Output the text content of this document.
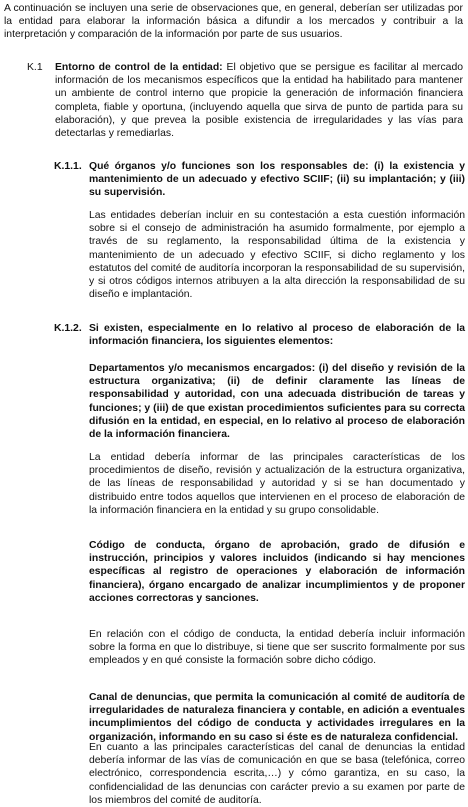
A continuación se incluyen una serie de observaciones que, en general, deberían ser utilizadas por la entidad para elaborar la información básica a difundir a los mercados y contribuir a la interpretación y comparación de la información por parte de sus usuarios.

K.1 Entorno de control de la entidad: El objetivo que se persigue es facilitar al mercado información de los mecanismos específicos que la entidad ha habilitado para mantener un ambiente de control interno que propicie la generación de información financiera completa, fiable y oportuna, (incluyendo aquella que sirva de punto de partida para su elaboración), y que prevea la posible existencia de irregularidades y las vías para detectarlas y remediarlas.

K.1.1. Qué órganos y/o funciones son los responsables de: (i) la existencia y mantenimiento de un adecuado y efectivo SCIIF; (ii) su implantación; y (iii) su supervisión.

Las entidades deberían incluir en su contestación a esta cuestión información sobre si el consejo de administración ha asumido formalmente, por ejemplo a través de su reglamento, la responsabilidad última de la existencia y mantenimiento de un adecuado y efectivo SCIIF, si dicho reglamento y los estatutos del comité de auditoría incorporan la responsabilidad de su supervisión, y si otros códigos internos atribuyen a la alta dirección la responsabilidad de su diseño e implantación.

K.1.2. Si existen, especialmente en lo relativo al proceso de elaboración de la información financiera, los siguientes elementos:

Departamentos y/o mecanismos encargados: (i) del diseño y revisión de la estructura organizativa; (ii) de definir claramente las líneas de responsabilidad y autoridad, con una adecuada distribución de tareas y funciones; y (iii) de que existan procedimientos suficientes para su correcta difusión en la entidad, en especial, en lo relativo al proceso de elaboración de la información financiera.

La entidad debería informar de las principales características de los procedimientos de diseño, revisión y actualización de la estructura organizativa, de las líneas de responsabilidad y autoridad y si se han documentado y distribuido entre todos aquellos que intervienen en el proceso de elaboración de la información financiera en la entidad y su grupo consolidable.

Código de conducta, órgano de aprobación, grado de difusión e instrucción, principios y valores incluidos (indicando si hay menciones específicas al registro de operaciones y elaboración de información financiera), órgano encargado de analizar incumplimientos y de proponer acciones correctoras y sanciones.

En relación con el código de conducta, la entidad debería incluir información sobre la forma en que lo distribuye, si tiene que ser suscrito formalmente por sus empleados y en qué consiste la formación sobre dicho código.

Canal de denuncias, que permita la comunicación al comité de auditoría de irregularidades de naturaleza financiera y contable, en adición a eventuales incumplimientos del código de conducta y actividades irregulares en la organización, informando en su caso si éste es de naturaleza confidencial.

En cuanto a las principales características del canal de denuncias la entidad debería informar de las vías de comunicación en que se basa (telefónica, correo electrónico, correspondencia escrita,…) y cómo garantiza, en su caso, la confidencialidad de las denuncias con carácter previo a su examen por parte de los miembros del comité de auditoría.
